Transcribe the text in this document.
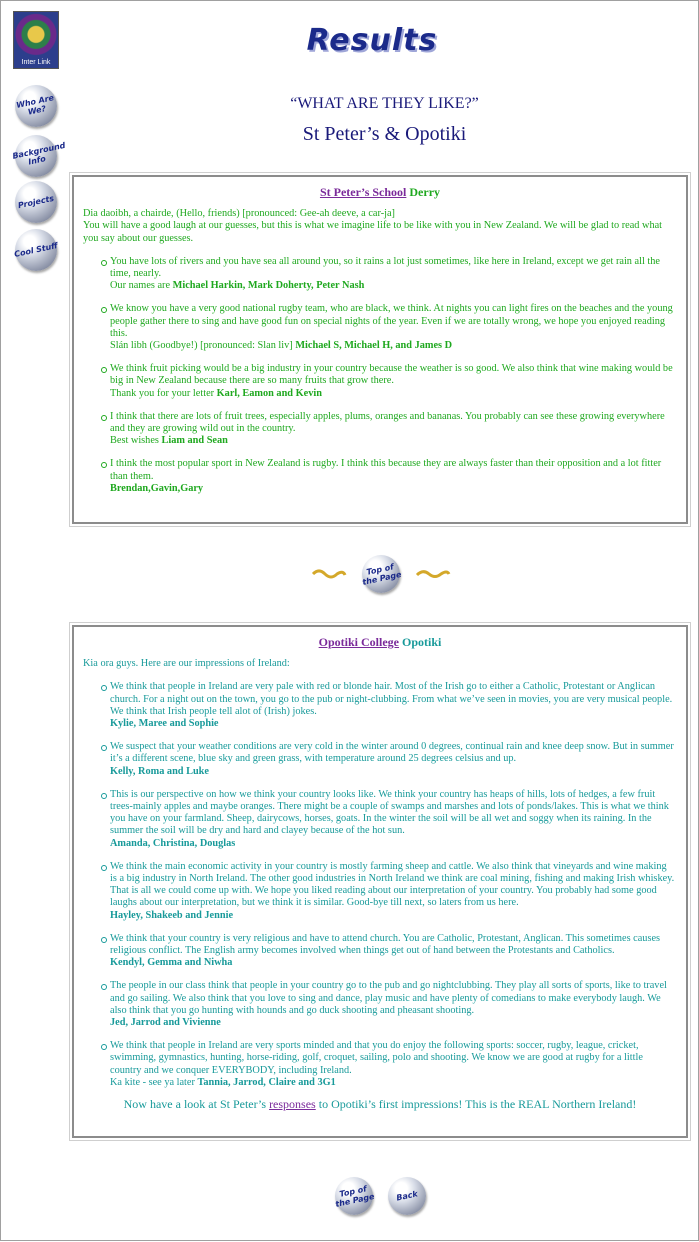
Inter Link
Who Are We?
Background Info
Projects
Cool Stuff
Results
“WHAT ARE THEY LIKE?”
St Peter’s & Opotiki
St Peter’s School Derry
Dia daoibh, a chairde, (Hello, friends) [pronounced: Gee-ah deeve, a car-ja]
You will have a good laugh at our guesses, but this is what we imagine life to be like with you in New Zealand. We will be glad to read what you say about our guesses.
You have lots of rivers and you have sea all around you, so it rains a lot just sometimes, like here in Ireland, except we get rain all the time, nearly.
Our names are Michael Harkin, Mark Doherty, Peter Nash
We know you have a very good national rugby team, who are black, we think. At nights you can light fires on the beaches and the young people gather there to sing and have good fun on special nights of the year. Even if we are totally wrong, we hope you enjoyed reading this.
Slán libh (Goodbye!) [pronounced: Slan liv] Michael S, Michael H, and James D
We think fruit picking would be a big industry in your country because the weather is so good. We also think that wine making would be big in New Zealand because there are so many fruits that grow there.
Thank you for your letter Karl, Eamon and Kevin
I think that there are lots of fruit trees, especially apples, plums, oranges and bananas. You probably can see these growing everywhere and they are growing wild out in the country.
Best wishes Liam and Sean
I think the most popular sport in New Zealand is rugby. I think this because they are always faster than their opposition and a lot fitter than them.
Brendan,Gavin,Gary
Top of the Page
Opotiki College Opotiki
Kia ora guys. Here are our impressions of Ireland:
We think that people in Ireland are very pale with red or blonde hair. Most of the Irish go to either a Catholic, Protestant or Anglican church. For a night out on the town, you go to the pub or night-clubbing. From what we’ve seen in movies, you are very musical people. We think that Irish people tell alot of (Irish) jokes.
Kylie, Maree and Sophie
We suspect that your weather conditions are very cold in the winter around 0 degrees, continual rain and knee deep snow. But in summer it’s a different scene, blue sky and green grass, with temperature around 25 degrees celsius and up.
Kelly, Roma and Luke
This is our perspective on how we think your country looks like. We think your country has heaps of hills, lots of hedges, a few fruit trees-mainly apples and maybe oranges. There might be a couple of swamps and marshes and lots of ponds/lakes. This is what we think you have on your farmland. Sheep, dairycows, horses, goats. In the winter the soil will be all wet and soggy when its raining. In the summer the soil will be dry and hard and clayey because of the hot sun.
Amanda, Christina, Douglas
We think the main economic activity in your country is mostly farming sheep and cattle. We also think that vineyards and wine making is a big industry in North Ireland. The other good industries in North Ireland we think are coal mining, fishing and making Irish whiskey. That is all we could come up with. We hope you liked reading about our interpretation of your country. You probably had some good laughs about our interpretation, but we think it is similar. Good-bye till next, so laters from us here.
Hayley, Shakeeb and Jennie
We think that your country is very religious and have to attend church. You are Catholic, Protestant, Anglican. This sometimes causes religious conflict. The English army becomes involved when things get out of hand between the Protestants and Catholics.
Kendyl, Gemma and Niwha
The people in our class think that people in your country go to the pub and go nightclubbing. They play all sorts of sports, like to travel and go sailing. We also think that you love to sing and dance, play music and have plenty of comedians to make everybody laugh. We also think that you go hunting with hounds and go duck shooting and pheasant shooting.
Jed, Jarrod and Vivienne
We think that people in Ireland are very sports minded and that you do enjoy the following sports: soccer, rugby, league, cricket, swimming, gymnastics, hunting, horse-riding, golf, croquet, sailing, polo and shooting. We know we are good at rugby for a little country and we conquer EVERYBODY, including Ireland.
Ka kite - see ya later Tannia, Jarrod, Claire and 3G1
Now have a look at St Peter’s responses to Opotiki’s first impressions! This is the REAL Northern Ireland!
Top of the Page	Back
